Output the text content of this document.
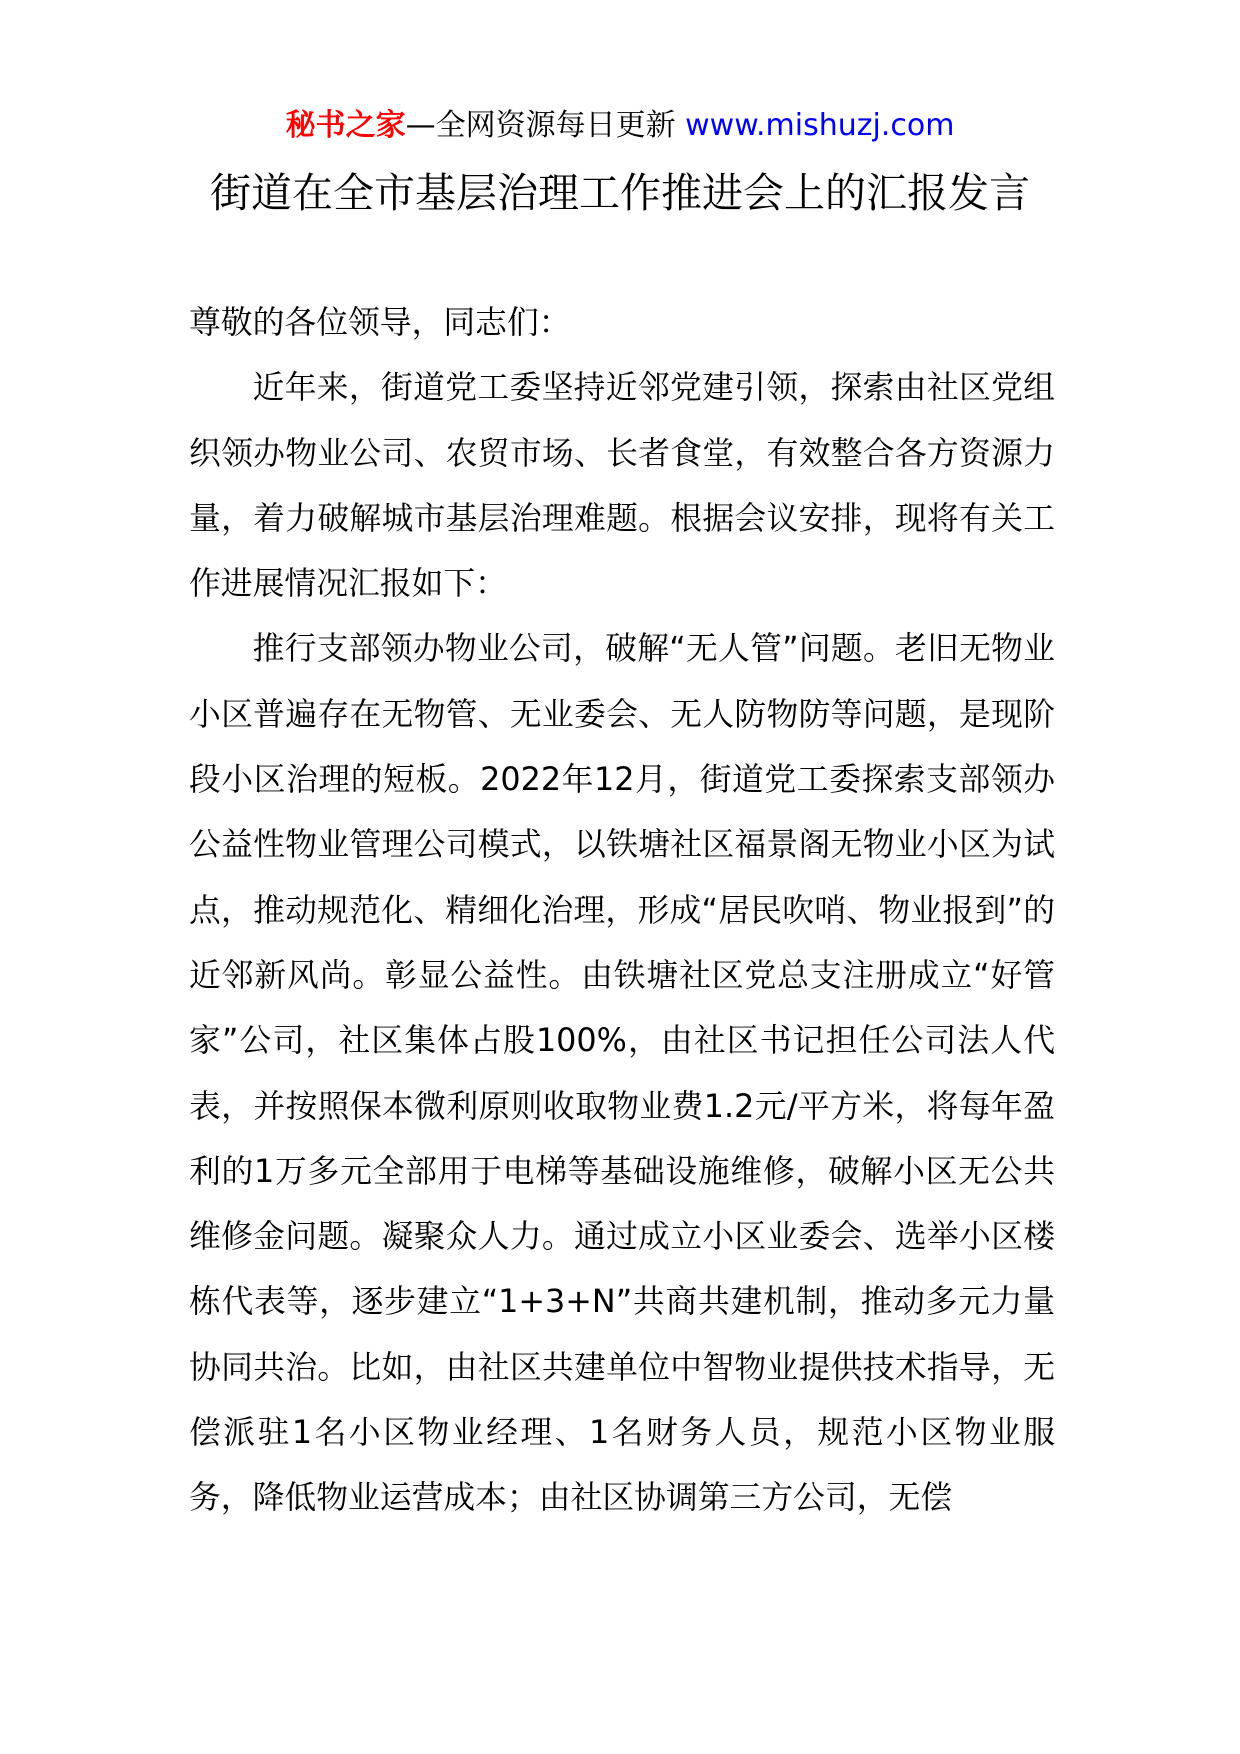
秘书之家—全网资源每日更新 www.mishuzj.com
街道在全市基层治理工作推进会上的汇报发言

尊敬的各位领导，同志们：

近年来，街道党工委坚持近邻党建引领，探索由社区党组织领办物业公司、农贸市场、长者食堂，有效整合各方资源力量，着力破解城市基层治理难题。根据会议安排，现将有关工作进展情况汇报如下：

推行支部领办物业公司，破解“无人管”问题。老旧无物业小区普遍存在无物管、无业委会、无人防物防等问题，是现阶段小区治理的短板。2022年12月，街道党工委探索支部领办公益性物业管理公司模式，以铁塘社区福景阁无物业小区为试点，推动规范化、精细化治理，形成“居民吹哨、物业报到”的近邻新风尚。彰显公益性。由铁塘社区党总支注册成立“好管家”公司，社区集体占股100%，由社区书记担任公司法人代表，并按照保本微利原则收取物业费1.2元/平方米，将每年盈利的1万多元全部用于电梯等基础设施维修，破解小区无公共维修金问题。凝聚众人力。通过成立小区业委会、选举小区楼栋代表等，逐步建立“1+3+N”共商共建机制，推动多元力量协同共治。比如，由社区共建单位中智物业提供技术指导，无偿派驻1名小区物业经理、1名财务人员，规范小区物业服务，降低物业运营成本；由社区协调第三方公司，无偿
